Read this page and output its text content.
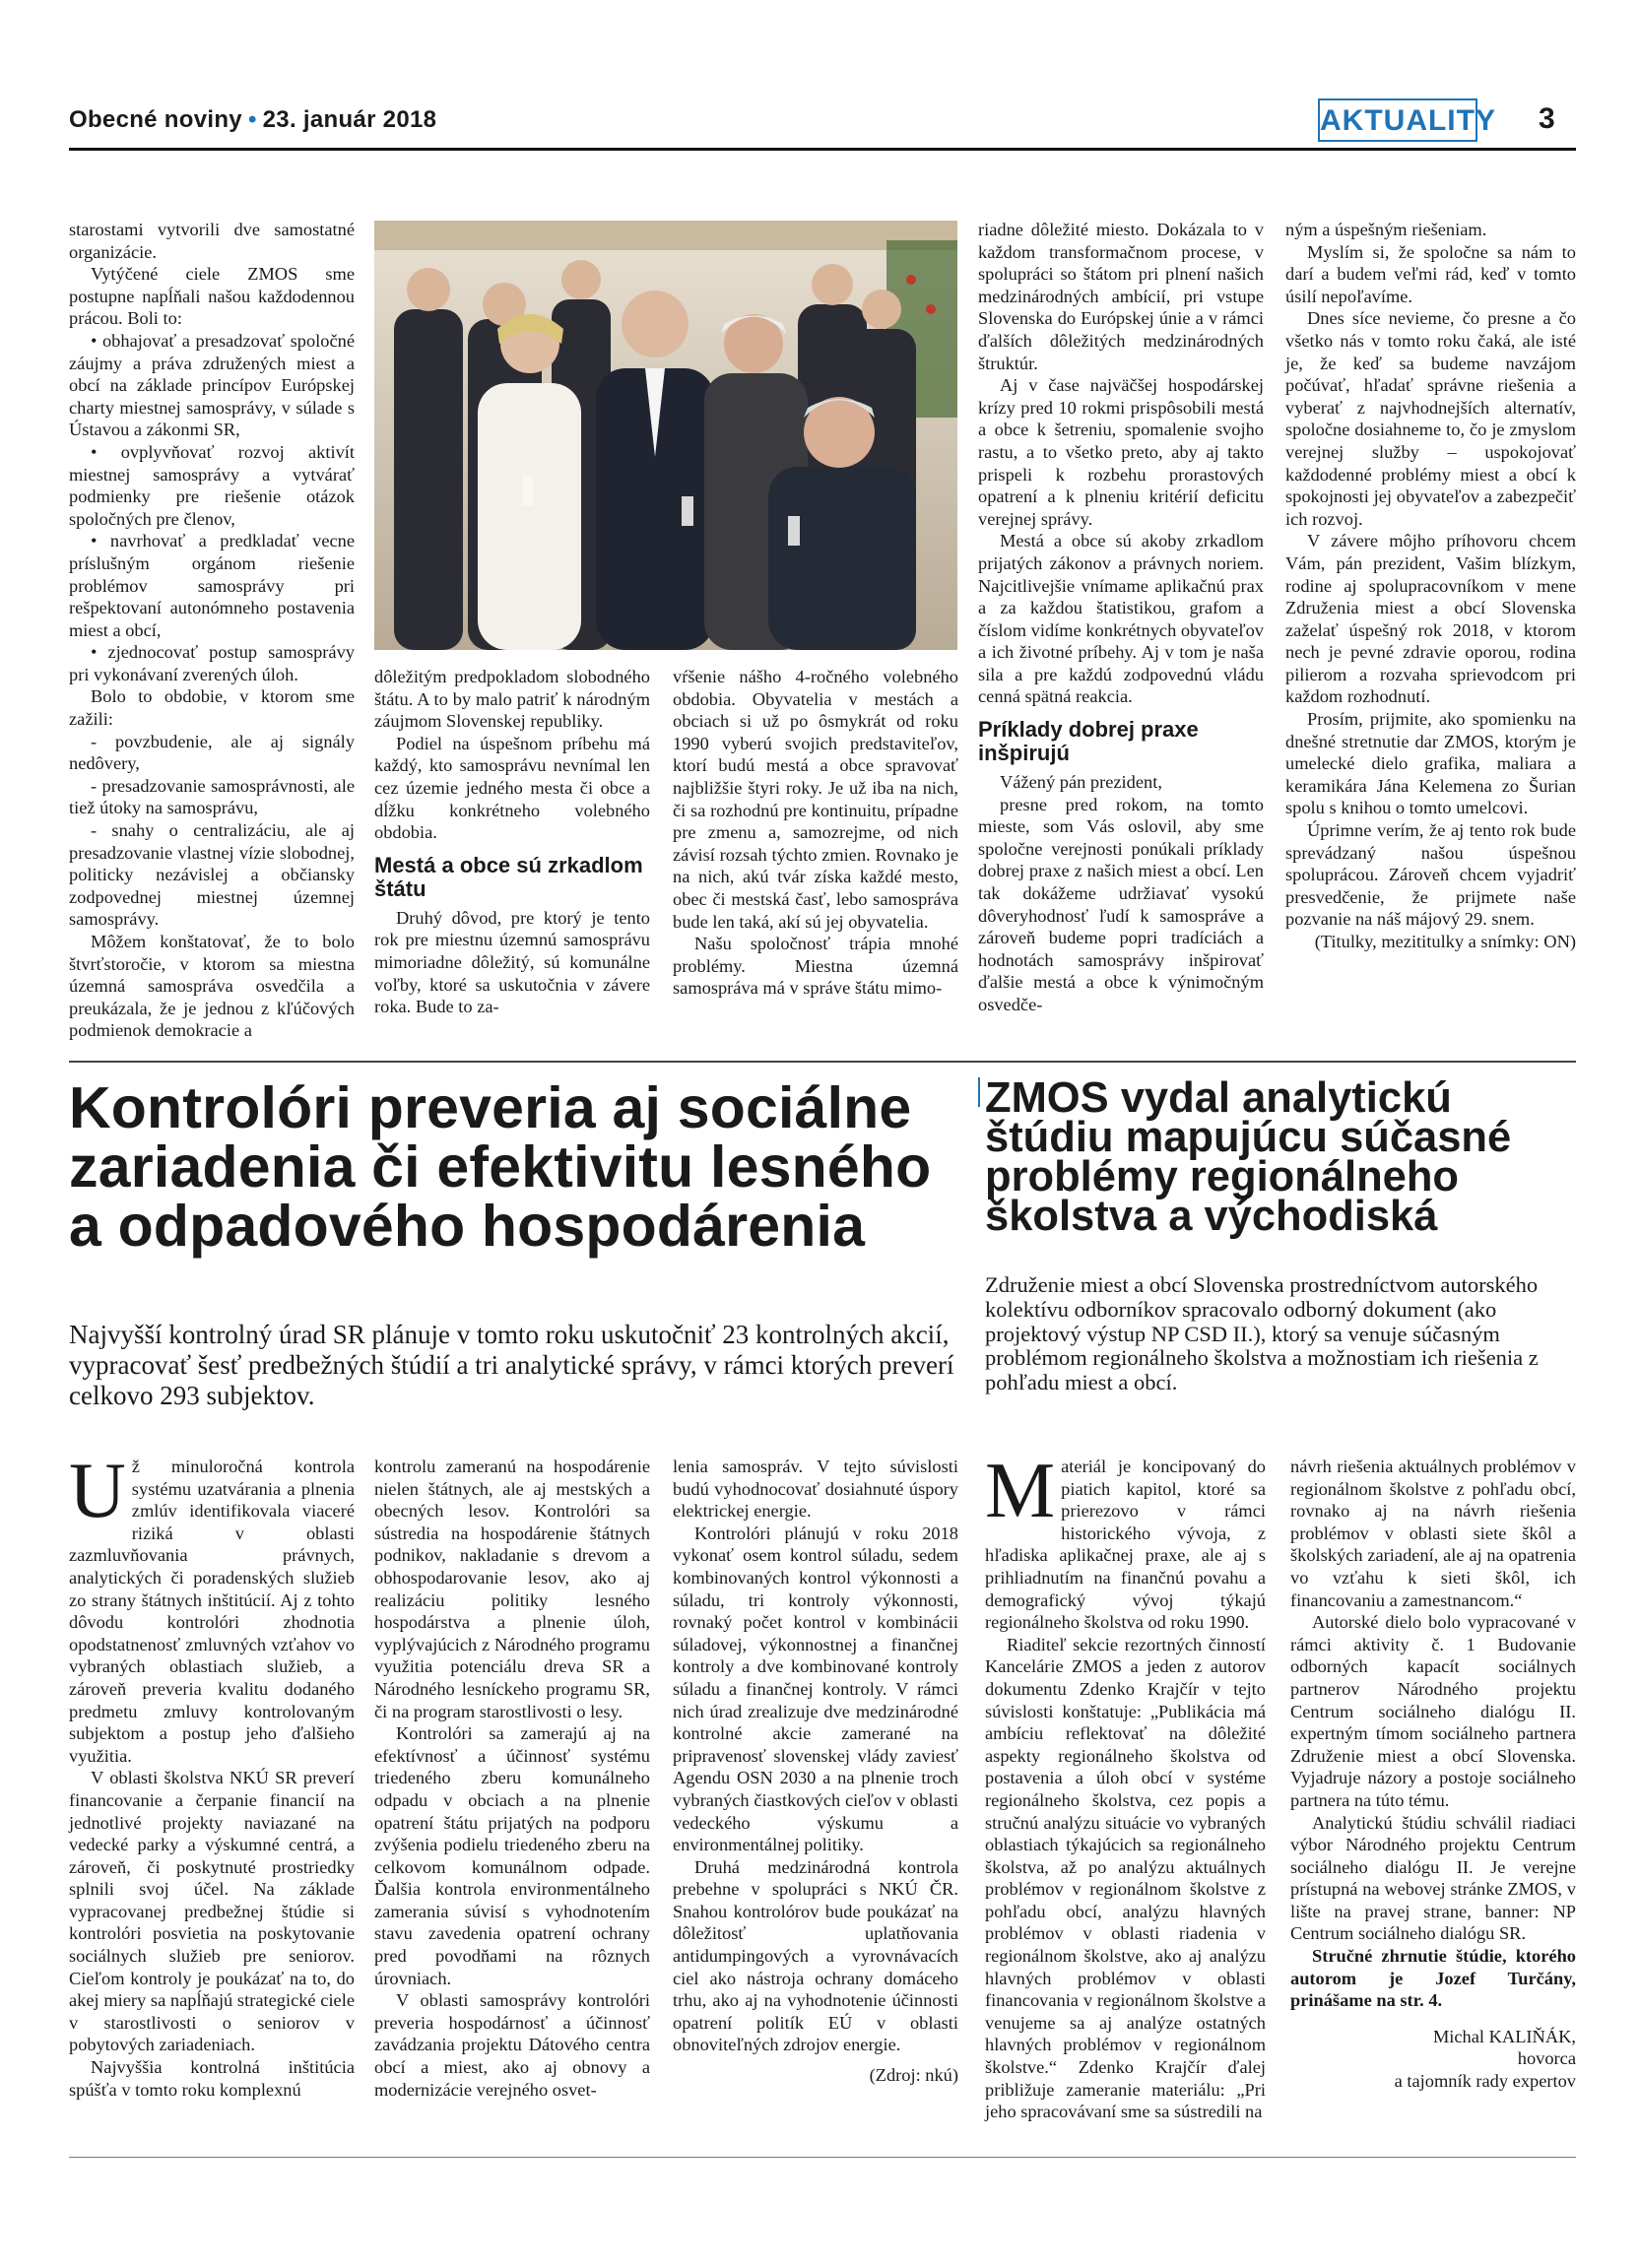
Obecné noviny • 23. január 2018	AKTUALITY 3

starostami vytvorili dve samostatné organizácie.

Vytýčené ciele ZMOS sme postupne napĺňali našou každodennou prácou. Boli to:

• obhajovať a presadzovať spoločné záujmy a práva združených miest a obcí na základe princípov Európskej charty miestnej samosprávy, v súlade s Ústavou a zákonmi SR,

• ovplyvňovať rozvoj aktivít miestnej samosprávy a vytvárať podmienky pre riešenie otázok spoločných pre členov,

• navrhovať a predkladať vecne príslušným orgánom riešenie problémov samosprávy pri rešpektovaní autonómneho postavenia miest a obcí,

• zjednocovať postup samosprávy pri vykonávaní zverených úloh.

Bolo to obdobie, v ktorom sme zažili:

- povzbudenie, ale aj signály nedôvery,

- presadzovanie samosprávnosti, ale tiež útoky na samosprávu,

- snahy o centralizáciu, ale aj presadzovanie vlastnej vízie slobodnej, politicky nezávislej a občiansky zodpovednej miestnej územnej samosprávy.

Môžem konštatovať, že to bolo štvrťstoročie, v ktorom sa miestna územná samospráva osvedčila a preukázala, že je jednou z kľúčových podmienok demokracie a

dôležitým predpokladom slobodného štátu. A to by malo patriť k národným záujmom Slovenskej republiky.

Podiel na úspešnom príbehu má každý, kto samosprávu nevnímal len cez územie jedného mesta či obce a dĺžku konkrétneho volebného obdobia.

Mestá a obce sú zrkadlom štátu

Druhý dôvod, pre ktorý je tento rok pre miestnu územnú samosprávu mimoriadne dôležitý, sú komunálne voľby, ktoré sa uskutočnia v závere roka. Bude to za-

vŕšenie nášho 4-ročného volebného obdobia. Obyvatelia v mestách a obciach si už po ôsmykrát od roku 1990 vyberú svojich predstaviteľov, ktorí budú mestá a obce spravovať najbližšie štyri roky. Je už iba na nich, či sa rozhodnú pre kontinuitu, prípadne pre zmenu a, samozrejme, od nich závisí rozsah týchto zmien. Rovnako je na nich, akú tvár získa každé mesto, obec či mestská časť, lebo samospráva bude len taká, akí sú jej obyvatelia.

Našu spoločnosť trápia mnohé problémy. Miestna územná samospráva má v správe štátu mimo-

riadne dôležité miesto. Dokázala to v každom transformačnom procese, v spolupráci so štátom pri plnení našich medzinárodných ambícií, pri vstupe Slovenska do Európskej únie a v rámci ďalších dôležitých medzinárodných štruktúr.

Aj v čase najväčšej hospodárskej krízy pred 10 rokmi prispôsobili mestá a obce k šetreniu, spomalenie svojho rastu, a to všetko preto, aby aj takto prispeli k rozbehu prorastových opatrení a k plneniu kritérií deficitu verejnej správy.

Mestá a obce sú akoby zrkadlom prijatých zákonov a právnych noriem. Najcitlivejšie vnímame aplikačnú prax a za každou štatistikou, grafom a číslom vidíme konkrétnych obyvateľov a ich životné príbehy. Aj v tom je naša sila a pre každú zodpovednú vládu cenná spätná reakcia.

Príklady dobrej praxe inšpirujú

Vážený pán prezident,

presne pred rokom, na tomto mieste, som Vás oslovil, aby sme spoločne verejnosti ponúkali príklady dobrej praxe z našich miest a obcí. Len tak dokážeme udržiavať vysokú dôveryhodnosť ľudí k samospráve a zároveň budeme popri tradíciách a hodnotách samosprávy inšpirovať ďalšie mestá a obce k výnimočným osvedče-

ným a úspešným riešeniam.

Myslím si, že spoločne sa nám to darí a budem veľmi rád, keď v tomto úsilí nepoľavíme.

Dnes síce nevieme, čo presne a čo všetko nás v tomto roku čaká, ale isté je, že keď sa budeme navzájom počúvať, hľadať správne riešenia a vyberať z najvhodnejších alternatív, spoločne dosiahneme to, čo je zmyslom verejnej služby – uspokojovať každodenné problémy miest a obcí k spokojnosti jej obyvateľov a zabezpečiť ich rozvoj.

V závere môjho príhovoru chcem Vám, pán prezident, Vašim blízkym, rodine aj spolupracovníkom v mene Združenia miest a obcí Slovenska zaželať úspešný rok 2018, v ktorom nech je pevné zdravie oporou, rodina pilierom a rozvaha sprievodcom pri každom rozhodnutí.

Prosím, prijmite, ako spomienku na dnešné stretnutie dar ZMOS, ktorým je umelecké dielo grafika, maliara a keramikára Jána Kelemena zo Šurian spolu s knihou o tomto umelcovi.

Úprimne verím, že aj tento rok bude sprevádzaný našou úspešnou spoluprácou. Zároveň chcem vyjadriť presvedčenie, že prijmete naše pozvanie na náš májový 29. snem.

(Titulky, mezititulky a snímky: ON)

Kontrolóri preveria aj sociálne zariadenia či efektivitu lesného a odpadového hospodárenia
Najvyšší kontrolný úrad SR plánuje v tomto roku uskutočniť 23 kontrolných akcií, vypracovať šesť predbežných štúdií a tri analytické správy, v rámci ktorých preverí celkovo 293 subjektov.
Už minuloročná kontrola systému uzatvárania a plnenia zmlúv identifikovala viaceré riziká v oblasti zazmluvňovania právnych, analytických či poradenských služieb zo strany štátnych inštitúcií. Aj z tohto dôvodu kontrolóri zhodnotia opodstatnenosť zmluvných vzťahov vo vybraných oblastiach služieb, a zároveň preveria kvalitu dodaného predmetu zmluvy kontrolovaným subjektom a postup jeho ďalšieho využitia.

V oblasti školstva NKÚ SR preverí financovanie a čerpanie financií na jednotlivé projekty naviazané na vedecké parky a výskumné centrá, a zároveň, či poskytnuté prostriedky splnili svoj účel. Na základe vypracovanej predbežnej štúdie si kontrolóri posvietia na poskytovanie sociálnych služieb pre seniorov. Cieľom kontroly je poukázať na to, do akej miery sa napĺňajú strategické ciele v starostlivosti o seniorov v pobytových zariadeniach.

Najvyššia kontrolná inštitúcia spúšťa v tomto roku komplexnú

kontrolu zameranú na hospodárenie nielen štátnych, ale aj mestských a obecných lesov. Kontrolóri sa sústredia na hospodárenie štátnych podnikov, nakladanie s drevom a obhospodarovanie lesov, ako aj realizáciu politiky lesného hospodárstva a plnenie úloh, vyplývajúcich z Národného programu využitia potenciálu dreva SR a Národného lesníckeho programu SR, či na program starostlivosti o lesy.

Kontrolóri sa zamerajú aj na efektívnosť a účinnosť systému triedeného zberu komunálneho odpadu v obciach a na plnenie opatrení štátu prijatých na podporu zvýšenia podielu triedeného zberu na celkovom komunálnom odpade. Ďalšia kontrola environmentálneho zamerania súvisí s vyhodnotením stavu zavedenia opatrení ochrany pred povodňami na rôznych úrovniach.

V oblasti samosprávy kontrolóri preveria hospodárnosť a účinnosť zavádzania projektu Dátového centra obcí a miest, ako aj obnovy a modernizácie verejného osvet-

lenia samospráv. V tejto súvislosti budú vyhodnocovať dosiahnuté úspory elektrickej energie.

Kontrolóri plánujú v roku 2018 vykonať osem kontrol súladu, sedem kombinovaných kontrol výkonnosti a súladu, tri kontroly výkonnosti, rovnaký počet kontrol v kombinácii súladovej, výkonnostnej a finančnej kontroly a dve kombinované kontroly súladu a finančnej kontroly. V rámci nich úrad zrealizuje dve medzinárodné kontrolné akcie zamerané na pripravenosť slovenskej vlády zaviesť Agendu OSN 2030 a na plnenie troch vybraných čiastkových cieľov v oblasti vedeckého výskumu a environmentálnej politiky.

Druhá medzinárodná kontrola prebehne v spolupráci s NKÚ ČR. Snahou kontrolórov bude poukázať na dôležitosť uplatňovania antidumpingových a vyrovnávacích ciel ako nástroja ochrany domáceho trhu, ako aj na vyhodnotenie účinnosti opatrení politík EÚ v oblasti obnoviteľných zdrojov energie.

(Zdroj: nkú)

ZMOS vydal analytickú štúdiu mapujúcu súčasné problémy regionálneho školstva a východiská
Združenie miest a obcí Slovenska prostredníctvom autorského kolektívu odborníkov spracovalo odborný dokument (ako projektový výstup NP CSD II.), ktorý sa venuje súčasným problémom regionálneho školstva a možnostiam ich riešenia z pohľadu miest a obcí.
Materiál je koncipovaný do piatich kapitol, ktoré sa prierezovo v rámci historického vývoja, z hľadiska aplikačnej praxe, ale aj s prihliadnutím na finančnú povahu a demografický vývoj týkajú regionálneho školstva od roku 1990.

Riaditeľ sekcie rezortných činností Kancelárie ZMOS a jeden z autorov dokumentu Zdenko Krajčír v tejto súvislosti konštatuje: „Publikácia má ambíciu reflektovať na dôležité aspekty regionálneho školstva od postavenia a úloh obcí v systéme regionálneho školstva, cez popis a stručnú analýzu situácie vo vybraných oblastiach týkajúcich sa regionálneho školstva, až po analýzu aktuálnych problémov v regionálnom školstve z pohľadu obcí, analýzu hlavných problémov v oblasti riadenia v regionálnom školstve, ako aj analýzu hlavných problémov v oblasti financovania v regionálnom školstve a venujeme sa aj analýze ostatných hlavných problémov v regionálnom školstve.“ Zdenko Krajčír ďalej približuje zameranie materiálu: „Pri jeho spracovávaní sme sa sústredili na

návrh riešenia aktuálnych problémov v regionálnom školstve z pohľadu obcí, rovnako aj na návrh riešenia problémov v oblasti siete škôl a školských zariadení, ale aj na opatrenia vo vzťahu k sieti škôl, ich financovaniu a zamestnancom.“

Autorské dielo bolo vypracované v rámci aktivity č. 1 Budovanie odborných kapacít sociálnych partnerov Národného projektu Centrum sociálneho dialógu II. expertným tímom sociálneho partnera Združenie miest a obcí Slovenska. Vyjadruje názory a postoje sociálneho partnera na túto tému.

Analytickú štúdiu schválil riadiaci výbor Národného projektu Centrum sociálneho dialógu II. Je verejne prístupná na webovej stránke ZMOS, v lište na pravej strane, banner: NP Centrum sociálneho dialógu SR.

Stručné zhrnutie štúdie, ktorého autorom je Jozef Turčány, prinášame na str. 4.

Michal KALIŇÁK,
hovorca
a tajomník rady expertov
